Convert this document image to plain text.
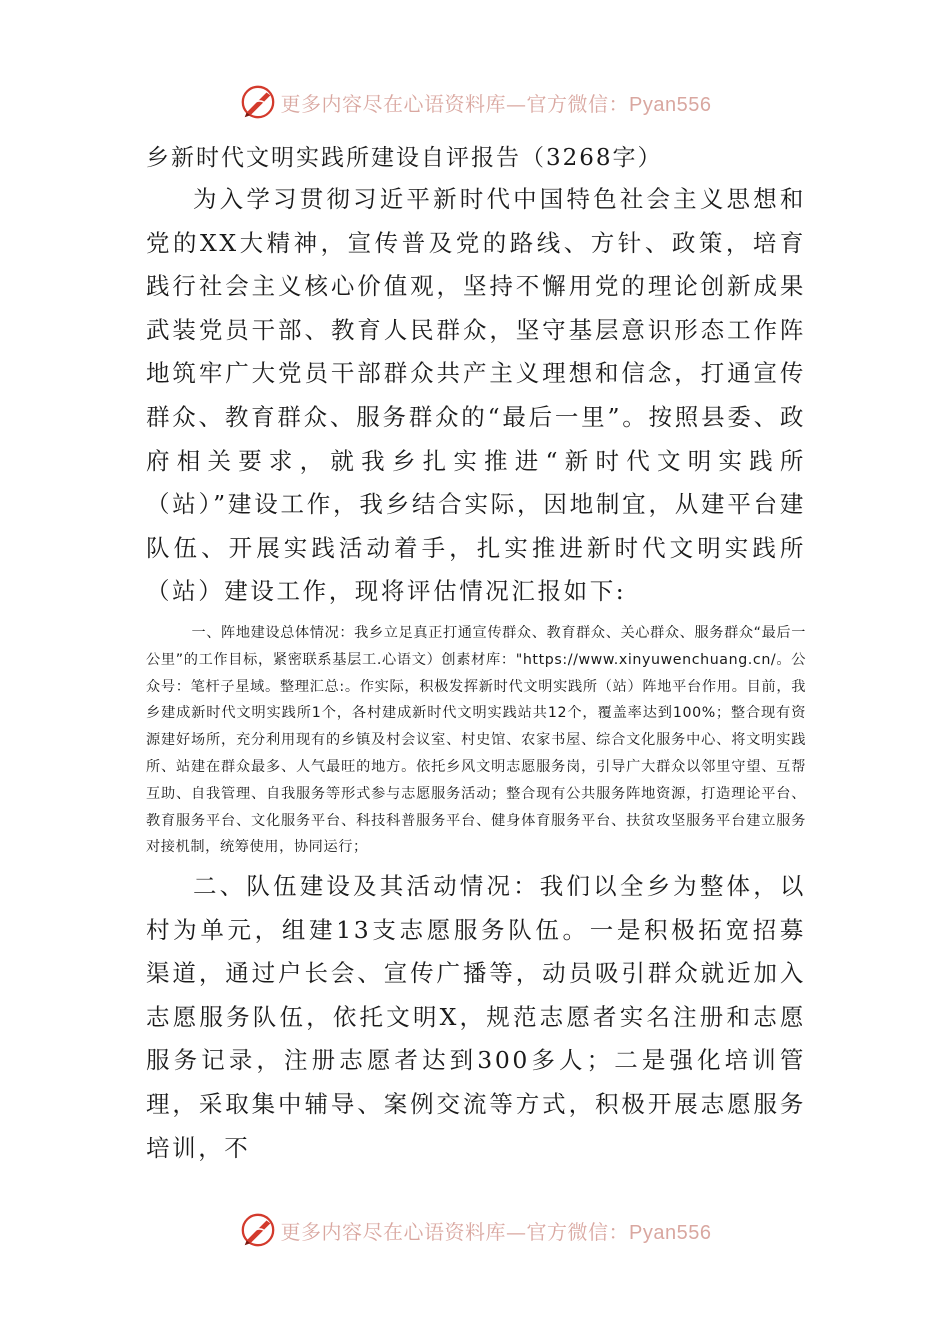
更多内容尽在心语资料库—官方微信：Pyan556

乡新时代文明实践所建设自评报告（3268字）

为入学习贯彻习近平新时代中国特色社会主义思想和党的XX大精神，宣传普及党的路线、方针、政策，培育践行社会主义核心价值观，坚持不懈用党的理论创新成果武装党员干部、教育人民群众，坚守基层意识形态工作阵地筑牢广大党员干部群众共产主义理想和信念，打通宣传群众、教育群众、服务群众的“最后一里”。按照县委、政府相关要求，就我乡扎实推进“新时代文明实践所（站）”建设工作，我乡结合实际，因地制宜，从建平台建队伍、开展实践活动着手，扎实推进新时代文明实践所（站）建设工作，现将评估情况汇报如下:

一、阵地建设总体情况：我乡立足真正打通宣传群众、教育群众、关心群众、服务群众“最后一公里”的工作目标，紧密联系基层工.心语文）创素材库："https://www.xinyuwenchuang.cn/。公众号：笔杆子星域。整理汇总:。作实际，积极发挥新时代文明实践所（站）阵地平台作用。目前，我乡建成新时代文明实践所1个，各村建成新时代文明实践站共12个，覆盖率达到100%；整合现有资源建好场所，充分利用现有的乡镇及村会议室、村史馆、农家书屋、综合文化服务中心、将文明实践所、站建在群众最多、人气最旺的地方。依托乡风文明志愿服务岗，引导广大群众以邻里守望、互帮互助、自我管理、自我服务等形式参与志愿服务活动；整合现有公共服务阵地资源，打造理论平台、教育服务平台、文化服务平台、科技科普服务平台、健身体育服务平台、扶贫攻坚服务平台建立服务对接机制，统筹使用，协同运行；

二、队伍建设及其活动情况：我们以全乡为整体，以村为单元，组建13支志愿服务队伍。一是积极拓宽招募渠道，通过户长会、宣传广播等，动员吸引群众就近加入志愿服务队伍，依托文明X，规范志愿者实名注册和志愿服务记录，注册志愿者达到300多人；二是强化培训管理，采取集中辅导、案例交流等方式，积极开展志愿服务培训，不

更多内容尽在心语资料库—官方微信：Pyan556
